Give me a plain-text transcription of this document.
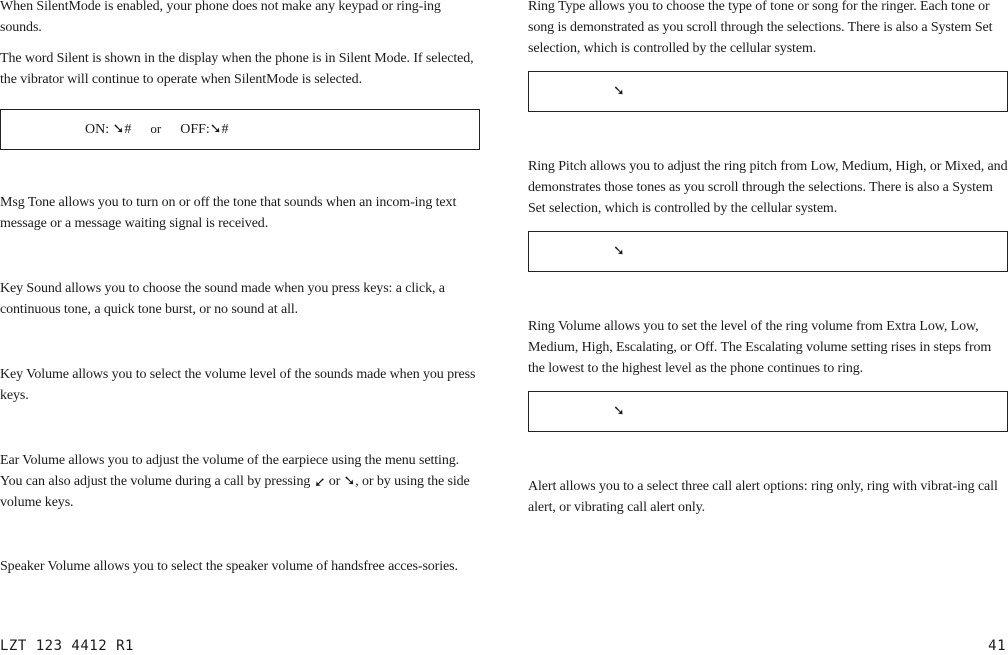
When SilentMode is enabled, your phone does not make any keypad or ring-ing sounds.

The word Silent is shown in the display when the phone is in Silent Mode. If selected, the vibrator will continue to operate when SilentMode is selected.

ON: ➘# or OFF:➘#

Msg Tone allows you to turn on or off the tone that sounds when an incom-ing text message or a message waiting signal is received.

Key Sound allows you to choose the sound made when you press keys: a click, a continuous tone, a quick tone burst, or no sound at all.

Key Volume allows you to select the volume level of the sounds made when you press keys.

Ear Volume allows you to adjust the volume of the earpiece using the menu setting. You can also adjust the volume during a call by pressing ➚ or ➘, or by using the side volume keys.

Speaker Volume allows you to select the speaker volume of handsfree acces-sories.

Ring Type allows you to choose the type of tone or song for the ringer. Each tone or song is demonstrated as you scroll through the selections. There is also a System Set selection, which is controlled by the cellular system.

➘

Ring Pitch allows you to adjust the ring pitch from Low, Medium, High, or Mixed, and demonstrates those tones as you scroll through the selections. There is also a System Set selection, which is controlled by the cellular system.

➘

Ring Volume allows you to set the level of the ring volume from Extra Low, Low, Medium, High, Escalating, or Off. The Escalating volume setting rises in steps from the lowest to the highest level as the phone continues to ring.

➘

Alert allows you to a select three call alert options: ring only, ring with vibrat-ing call alert, or vibrating call alert only.

LZT 123 4412 R1	41
